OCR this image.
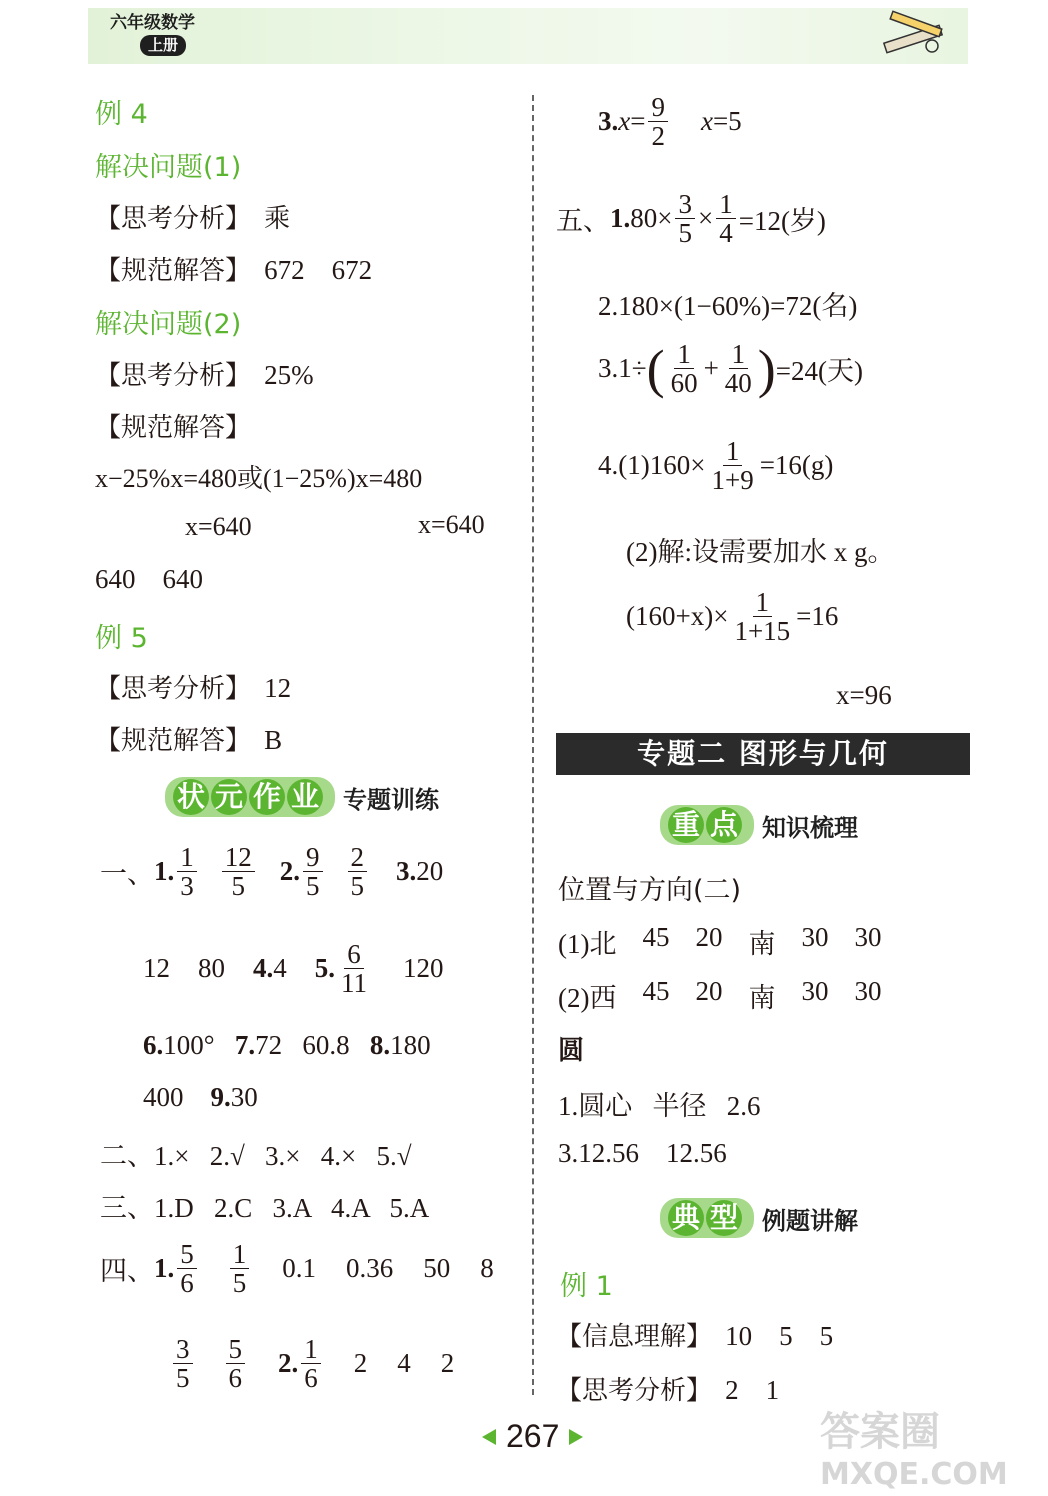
六年级数学
上册
例 4
解决问题(1)
【思考分析】 乘
【规范解答】 672    672
解决问题(2)
【思考分析】 25%
【规范解答】
x−25%x=480或(1−25%)x=480
x=640	x=640
640    640
例 5
【思考分析】 12
【规范解答】 B
状 元 作 业 专题训练
一、 1. $\frac{1}{3} \frac{12}{5} 2$. $\frac{9}{5} \frac{2}{5} 3.20$
12 80 4.4 5. $\frac{6}{11} 120$
6.100°   7.72   60.8   8.180
400    9.30
二、1.×   2.√   3.×   4.×   5.√
三、1.D   2.C   3.A   4.A   5.A
四、 1. $\frac{5}{6} \frac{1}{5} 0.1$ 0.36 50 8
$\frac{3}{5} \frac{5}{6} 2$. $\frac{1}{6} 2$ 4 2
3. $x = \frac{9}{2} x=5$
五、 1. $80\times \frac{3}{5} \times \frac{1}{4} =12$(岁)
2.180×(1−60%)=72(名)
3.1÷ ( $\frac{1}{60} + \frac{1}{40}$ ) =24(天)
$4.(1)160\times \frac{1}{1+9} =16(g)$
(2)解:设需要加水 x g。
$(160+x)\times \frac{1}{1+15} =16$
x=96
专题二 图形与几何
重 点 知识梳理
位置与方向(二)
(1)北 45 20 南 30 30
(2)西 45 20 南 30 30
圆
1.圆心   半径   2.6
3.12.56    12.56
典 型 例题讲解
例 1
【信息理解】 10    5    5
【思考分析】 2    1
267	答案圈
MXQE.COM
